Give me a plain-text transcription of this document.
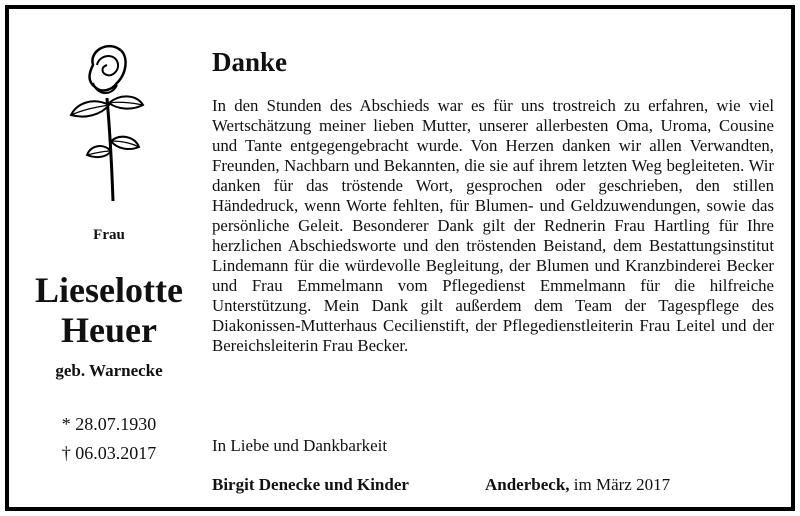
Frau
Lieselotte
Heuer
geb. Warnecke
* 28.07.1930
† 06.03.2017
Danke
In den Stunden des Abschieds war es für uns trostreich zu erfahren, wie viel Wertschätzung meiner lieben Mutter, unserer allerbesten Oma, Uroma, Cousine und Tante entgegengebracht wurde. Von Herzen danken wir allen Verwandten, Freunden, Nachbarn und Bekannten, die sie auf ihrem letzten Weg begleiteten. Wir danken für das tröstende Wort, gesprochen oder geschrieben, den stillen Händedruck, wenn Worte fehlten, für Blumen- und Geldzuwendungen, sowie das persönliche Geleit. Besonderer Dank gilt der Rednerin Frau Hartling für Ihre herzlichen Abschiedsworte und den tröstenden Beistand, dem Bestattungsinstitut Lindemann für die würdevolle Begleitung, der Blumen und Kranzbinderei Becker und Frau Emmelmann vom Pflegedienst Emmelmann für die hilfreiche Unterstützung. Mein Dank gilt außerdem dem Team der Tagespflege des Diakonissen-Mutterhaus Cecilienstift, der Pflegedienstleiterin Frau Leitel und der Bereichsleiterin Frau Becker.
In Liebe und Dankbarkeit
Birgit Denecke und Kinder	Anderbeck, im März 2017
